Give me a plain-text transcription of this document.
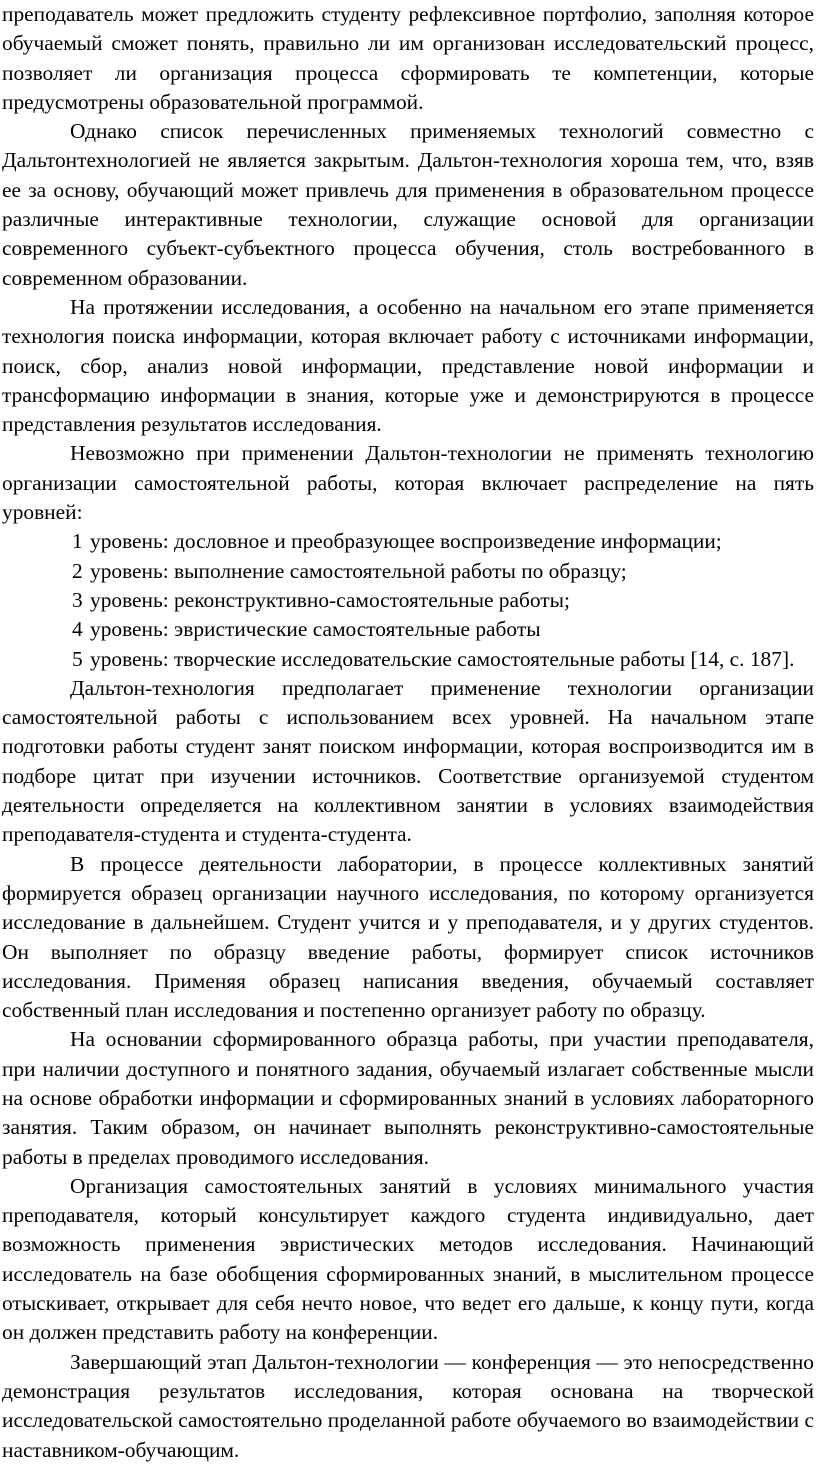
преподаватель может предложить студенту рефлексивное портфолио, заполняя которое обучаемый сможет понять, правильно ли им организован исследовательский процесс, позволяет ли организация процесса сформировать те компетенции, которые предусмотрены образовательной программой.

Однако список перечисленных применяемых технологий совместно с Дальтонтехнологией не является закрытым. Дальтон-технология хороша тем, что, взяв ее за основу, обучающий может привлечь для применения в образовательном процессе различные интерактивные технологии, служащие основой для организации современного субъект-субъектного процесса обучения, столь востребованного в современном образовании.

На протяжении исследования, а особенно на начальном его этапе применяется технология поиска информации, которая включает работу с источниками информации, поиск, сбор, анализ новой информации, представление новой информации и трансформацию информации в знания, которые уже и демонстрируются в процессе представления результатов исследования.

Невозможно при применении Дальтон-технологии не применять технологию организации самостоятельной работы, которая включает распределение на пять уровней:

1 уровень: дословное и преобразующее воспроизведение информации;
2 уровень: выполнение самостоятельной работы по образцу;
3 уровень: реконструктивно-самостоятельные работы;
4 уровень: эвристические самостоятельные работы
5 уровень: творческие исследовательские самостоятельные работы [14, с. 187].

Дальтон-технология предполагает применение технологии организации самостоятельной работы с использованием всех уровней. На начальном этапе подготовки работы студент занят поиском информации, которая воспроизводится им в подборе цитат при изучении источников. Соответствие организуемой студентом деятельности определяется на коллективном занятии в условиях взаимодействия преподавателя-студента и студента-студента.

В процессе деятельности лаборатории, в процессе коллективных занятий формируется образец организации научного исследования, по которому организуется исследование в дальнейшем. Студент учится и у преподавателя, и у других студентов. Он выполняет по образцу введение работы, формирует список источников исследования. Применяя образец написания введения, обучаемый составляет собственный план исследования и постепенно организует работу по образцу.

На основании сформированного образца работы, при участии преподавателя, при наличии доступного и понятного задания, обучаемый излагает собственные мысли на основе обработки информации и сформированных знаний в условиях лабораторного занятия. Таким образом, он начинает выполнять реконструктивно-самостоятельные работы в пределах проводимого исследования.

Организация самостоятельных занятий в условиях минимального участия преподавателя, который консультирует каждого студента индивидуально, дает возможность применения эвристических методов исследования. Начинающий исследователь на базе обобщения сформированных знаний, в мыслительном процессе отыскивает, открывает для себя нечто новое, что ведет его дальше, к концу пути, когда он должен представить работу на конференции.

Завершающий этап Дальтон-технологии — конференция — это непосредственно демонстрация результатов исследования, которая основана на творческой исследовательской самостоятельно проделанной работе обучаемого во взаимодействии с наставником-обучающим.
